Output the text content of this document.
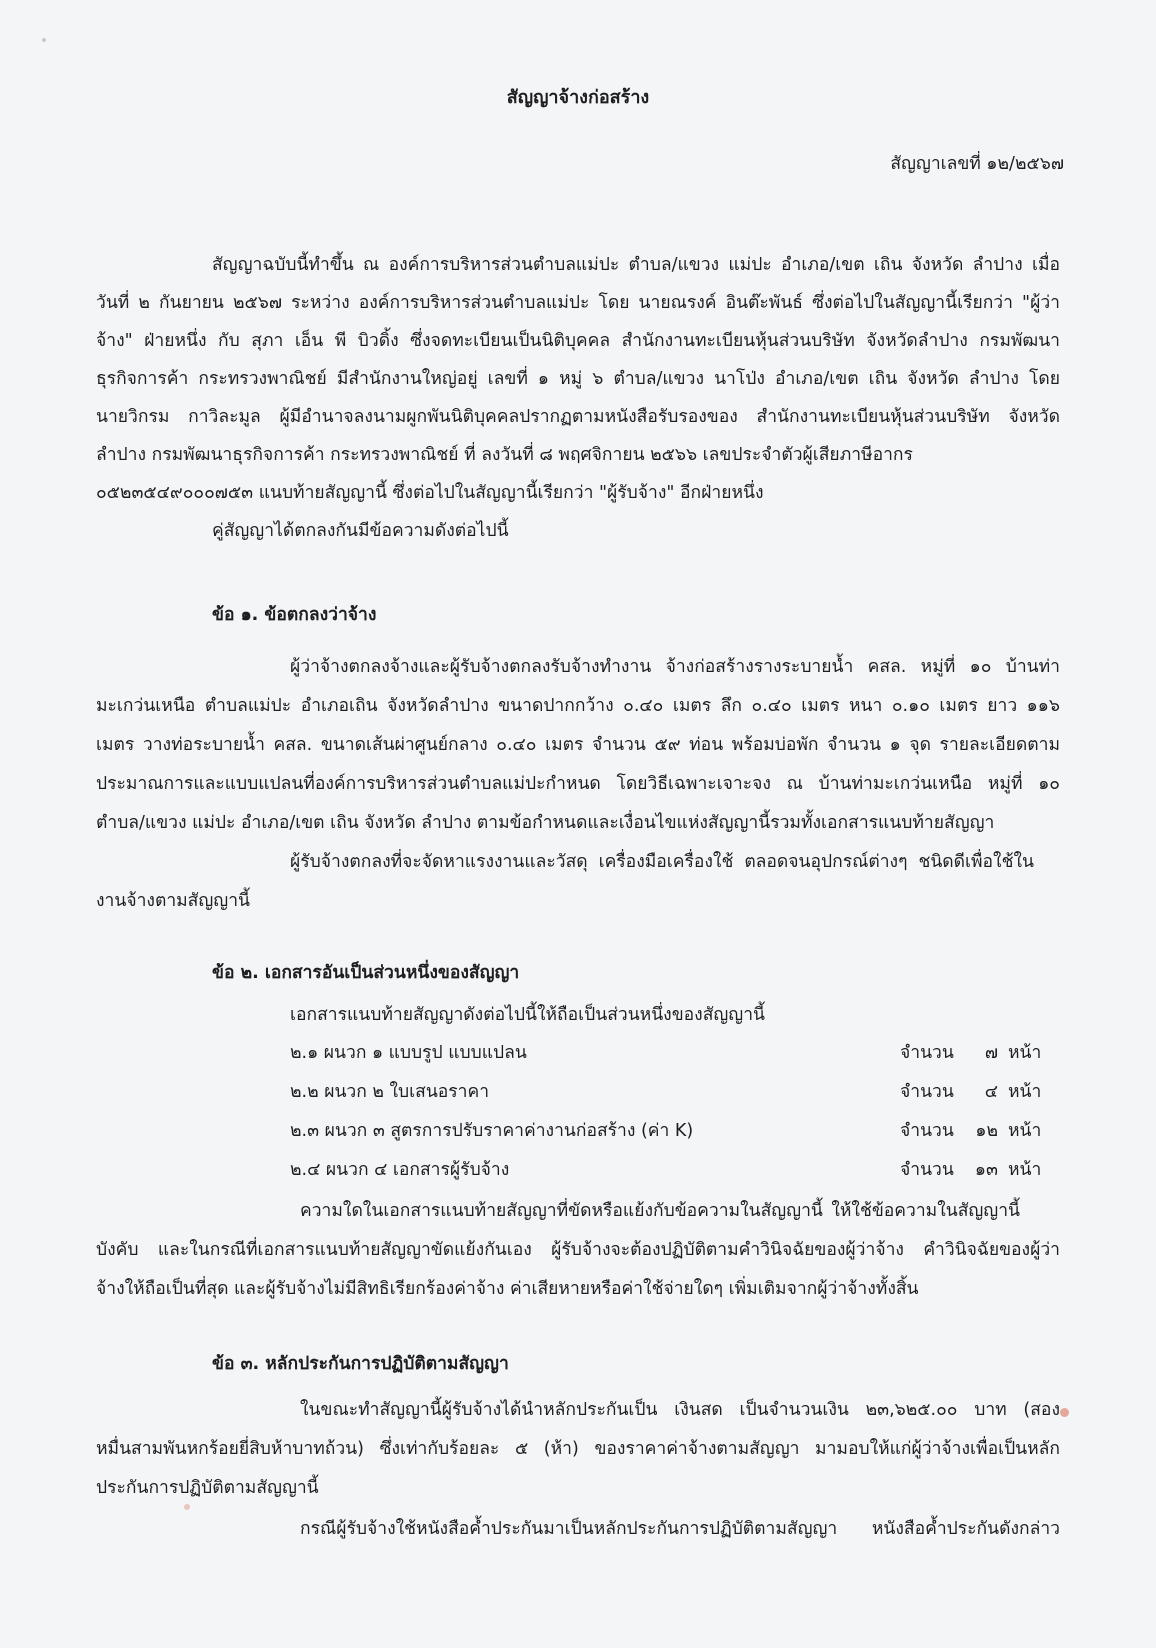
สัญญาจ้างก่อสร้าง
สัญญาเลขที่ ๑๒/๒๕๖๗
สัญญาฉบับนี้ทำขึ้น ณ องค์การบริหารส่วนตำบลแม่ปะ ตำบล/แขวง แม่ปะ อำเภอ/เขต เถิน จังหวัด ลำปาง เมื่อ
วันที่ ๒ กันยายน ๒๕๖๗ ระหว่าง องค์การบริหารส่วนตำบลแม่ปะ โดย นายณรงค์ อินต๊ะพันธ์ ซึ่งต่อไปในสัญญานี้เรียกว่า "ผู้ว่า
จ้าง" ฝ่ายหนึ่ง กับ สุภา เอ็น พี บิวดิ้ง ซึ่งจดทะเบียนเป็นนิติบุคคล สำนักงานทะเบียนหุ้นส่วนบริษัท จังหวัดลำปาง กรมพัฒนา
ธุรกิจการค้า กระทรวงพาณิชย์ มีสำนักงานใหญ่อยู่ เลขที่ ๑ หมู่ ๖ ตำบล/แขวง นาโป่ง อำเภอ/เขต เถิน จังหวัด ลำปาง โดย
นายวิกรม กาวิละมูล ผู้มีอำนาจลงนามผูกพันนิติบุคคลปรากฏตามหนังสือรับรองของ สำนักงานทะเบียนหุ้นส่วนบริษัท จังหวัด
ลำปาง กรมพัฒนาธุรกิจการค้า กระทรวงพาณิชย์ ที่ ลงวันที่ ๘ พฤศจิกายน ๒๕๖๖ เลขประจำตัวผู้เสียภาษีอากร
๐๕๒๓๕๔๙๐๐๐๗๕๓ แนบท้ายสัญญานี้ ซึ่งต่อไปในสัญญานี้เรียกว่า "ผู้รับจ้าง" อีกฝ่ายหนึ่ง
คู่สัญญาได้ตกลงกันมีข้อความดังต่อไปนี้
ข้อ ๑. ข้อตกลงว่าจ้าง
ผู้ว่าจ้างตกลงจ้างและผู้รับจ้างตกลงรับจ้างทำงาน จ้างก่อสร้างรางระบายน้ำ คสล. หมู่ที่ ๑๐ บ้านท่า
มะเกว่นเหนือ ตำบลแม่ปะ อำเภอเถิน จังหวัดลำปาง ขนาดปากกว้าง ๐.๔๐ เมตร ลึก ๐.๔๐ เมตร หนา ๐.๑๐ เมตร ยาว ๑๑๖
เมตร วางท่อระบายน้ำ คสล. ขนาดเส้นผ่าศูนย์กลาง ๐.๔๐ เมตร จำนวน ๕๙ ท่อน พร้อมบ่อพัก จำนวน ๑ จุด รายละเอียดตาม
ประมาณการและแบบแปลนที่องค์การบริหารส่วนตำบลแม่ปะกำหนด โดยวิธีเฉพาะเจาะจง ณ บ้านท่ามะเกว่นเหนือ หมู่ที่ ๑๐
ตำบล/แขวง แม่ปะ อำเภอ/เขต เถิน จังหวัด ลำปาง ตามข้อกำหนดและเงื่อนไขแห่งสัญญานี้รวมทั้งเอกสารแนบท้ายสัญญา
ผู้รับจ้างตกลงที่จะจัดหาแรงงานและวัสดุ เครื่องมือเครื่องใช้ ตลอดจนอุปกรณ์ต่างๆ ชนิดดีเพื่อใช้ใน
งานจ้างตามสัญญานี้
ข้อ ๒. เอกสารอันเป็นส่วนหนึ่งของสัญญา
เอกสารแนบท้ายสัญญาดังต่อไปนี้ให้ถือเป็นส่วนหนึ่งของสัญญานี้
๒.๑ ผนวก ๑ แบบรูป แบบแปลน	จำนวน	๗ หน้า
๒.๒ ผนวก ๒ ใบเสนอราคา	จำนวน	๔ หน้า
๒.๓ ผนวก ๓ สูตรการปรับราคาค่างานก่อสร้าง (ค่า K)	จำนวน	๑๒ หน้า
๒.๔ ผนวก ๔ เอกสารผู้รับจ้าง	จำนวน ๑๓ หน้า
ความใดในเอกสารแนบท้ายสัญญาที่ขัดหรือแย้งกับข้อความในสัญญานี้ ให้ใช้ข้อความในสัญญานี้
บังคับ และในกรณีที่เอกสารแนบท้ายสัญญาขัดแย้งกันเอง ผู้รับจ้างจะต้องปฏิบัติตามคำวินิจฉัยของผู้ว่าจ้าง คำวินิจฉัยของผู้ว่า
จ้างให้ถือเป็นที่สุด และผู้รับจ้างไม่มีสิทธิเรียกร้องค่าจ้าง ค่าเสียหายหรือค่าใช้จ่ายใดๆ เพิ่มเติมจากผู้ว่าจ้างทั้งสิ้น
ข้อ ๓. หลักประกันการปฏิบัติตามสัญญา
ในขณะทำสัญญานี้ผู้รับจ้างได้นำหลักประกันเป็น เงินสด เป็นจำนวนเงิน ๒๓,๖๒๕.๐๐ บาท (สอง
หมื่นสามพันหกร้อยยี่สิบห้าบาทถ้วน) ซึ่งเท่ากับร้อยละ ๕ (ห้า) ของราคาค่าจ้างตามสัญญา มามอบให้แก่ผู้ว่าจ้างเพื่อเป็นหลัก
ประกันการปฏิบัติตามสัญญานี้
กรณีผู้รับจ้างใช้หนังสือค้ำประกันมาเป็นหลักประกันการปฏิบัติตามสัญญา หนังสือค้ำประกันดังกล่าว
